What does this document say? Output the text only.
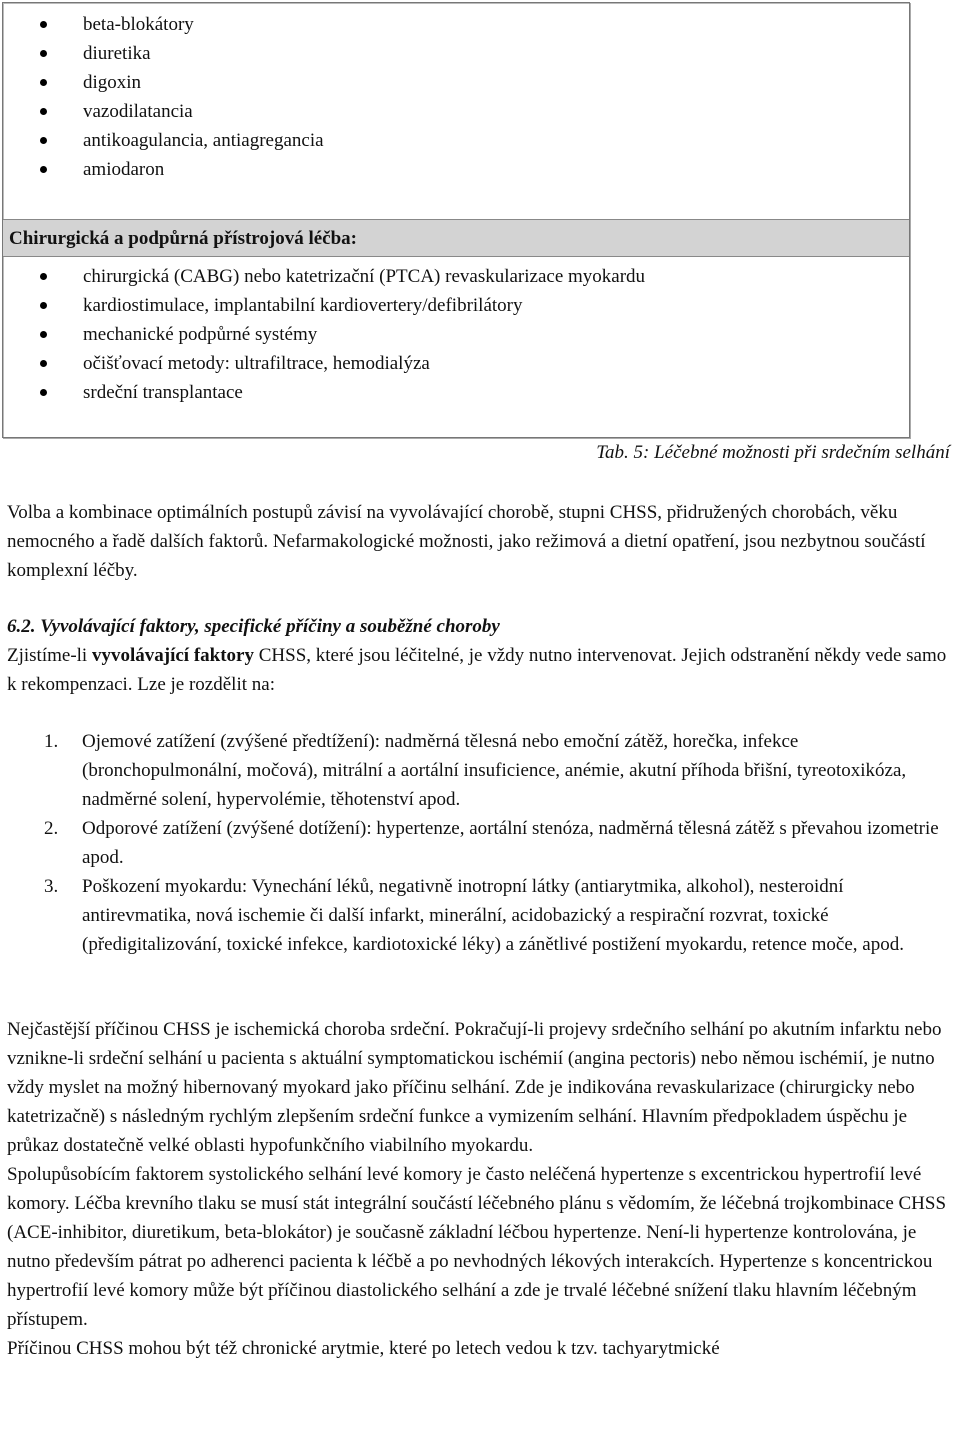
beta-blokátory
diuretika
digoxin
vazodilatancia
antikoagulancia, antiagregancia
amiodaron
Chirurgická a podpůrná přístrojová léčba:
chirurgická (CABG) nebo katetrizační (PTCA) revaskularizace myokardu
kardiostimulace, implantabilní kardiovertery/defibrilátory
mechanické podpůrné systémy
očišťovací metody: ultrafiltrace, hemodialýza
srdeční transplantace
Tab. 5: Léčebné možnosti při srdečním selhání

Volba a kombinace optimálních postupů závisí na vyvolávající chorobě, stupni CHSS, přidružených chorobách, věku nemocného a řadě dalších faktorů. Nefarmakologické možnosti, jako režimová a dietní opatření, jsou nezbytnou součástí komplexní léčby.

6.2. Vyvolávající faktory, specifické příčiny a souběžné choroby

Zjistíme-li vyvolávající faktory CHSS, které jsou léčitelné, je vždy nutno intervenovat. Jejich odstranění někdy vede samo k rekompenzaci. Lze je rozdělit na:

1. Ojemové zatížení (zvýšené předtížení): nadměrná tělesná nebo emoční zátěž, horečka, infekce (bronchopulmonální, močová), mitrální a aortální insuficience, anémie, akutní příhoda břišní, tyreotoxikóza, nadměrné solení, hypervolémie, těhotenství apod.
2. Odporové zatížení (zvýšené dotížení): hypertenze, aortální stenóza, nadměrná tělesná zátěž s převahou izometrie apod.
3. Poškození myokardu: Vynechání léků, negativně inotropní látky (antiarytmika, alkohol), nesteroidní antirevmatika, nová ischemie či další infarkt, minerální, acidobazický a respirační rozvrat, toxické (předigitalizování, toxické infekce, kardiotoxické léky) a zánětlivé postižení myokardu, retence moče, apod.
Nejčastější příčinou CHSS je ischemická choroba srdeční. Pokračují-li projevy srdečního selhání po akutním infarktu nebo vznikne-li srdeční selhání u pacienta s aktuální symptomatickou ischémií (angina pectoris) nebo němou ischémií, je nutno vždy myslet na možný hibernovaný myokard jako příčinu selhání. Zde je indikována revaskularizace (chirurgicky nebo katetrizačně) s následným rychlým zlepšením srdeční funkce a vymizením selhání. Hlavním předpokladem úspěchu je průkaz dostatečně velké oblasti hypofunkčního viabilního myokardu.
Spolupůsobícím faktorem systolického selhání levé komory je často neléčená hypertenze s excentrickou hypertrofií levé komory. Léčba krevního tlaku se musí stát integrální součástí léčebného plánu s vědomím, že léčebná trojkombinace CHSS (ACE-inhibitor, diuretikum, beta-blokátor) je současně základní léčbou hypertenze. Není-li hypertenze kontrolována, je nutno především pátrat po adherenci pacienta k léčbě a po nevhodných lékových interakcích. Hypertenze s koncentrickou hypertrofií levé komory může být příčinou diastolického selhání a zde je trvalé léčebné snížení tlaku hlavním léčebným přístupem.
Příčinou CHSS mohou být též chronické arytmie, které po letech vedou k tzv. tachyarytmické
